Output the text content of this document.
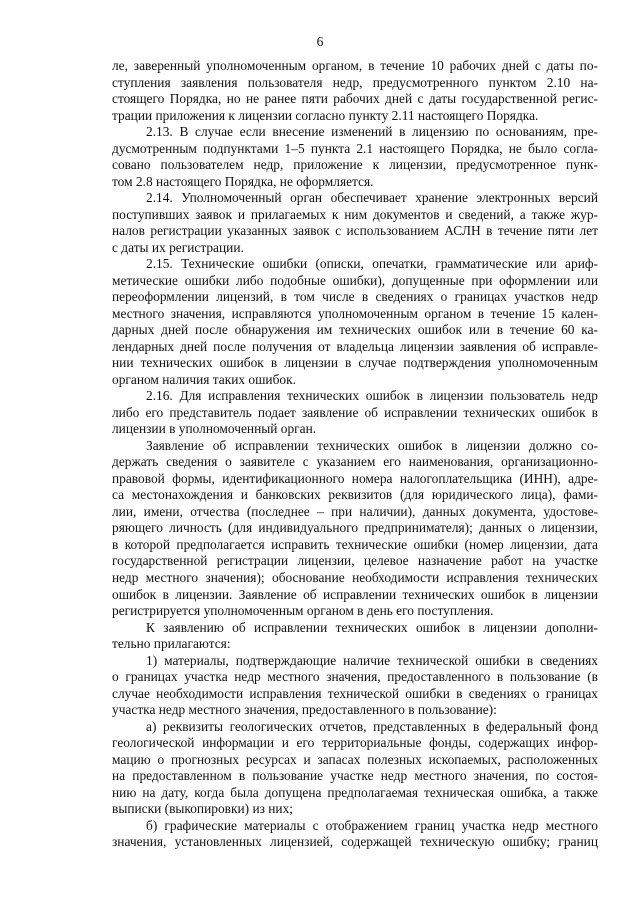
6
ле, заверенный уполномоченным органом, в течение 10 рабочих дней с даты по-
ступления заявления пользователя недр, предусмотренного пунктом 2.10 на-
стоящего Порядка, но не ранее пяти рабочих дней с даты государственной регис-
трации приложения к лицензии согласно пункту 2.11 настоящего Порядка.
2.13. В случае если внесение изменений в лицензию по основаниям, пре-
дусмотренным подпунктами 1–5 пункта 2.1 настоящего Порядка, не было согла-
совано пользователем недр, приложение к лицензии, предусмотренное пунк-
том 2.8 настоящего Порядка, не оформляется.
2.14. Уполномоченный орган обеспечивает хранение электронных версий
поступивших заявок и прилагаемых к ним документов и сведений, а также жур-
налов регистрации указанных заявок с использованием АСЛН в течение пяти лет
с даты их регистрации.
2.15. Технические ошибки (описки, опечатки, грамматические или ариф-
метические ошибки либо подобные ошибки), допущенные при оформлении или
переоформлении лицензий, в том числе в сведениях о границах участков недр
местного значения, исправляются уполномоченным органом в течение 15 кален-
дарных дней после обнаружения им технических ошибок или в течение 60 ка-
лендарных дней после получения от владельца лицензии заявления об исправле-
нии технических ошибок в лицензии в случае подтверждения уполномоченным
органом наличия таких ошибок.
2.16. Для исправления технических ошибок в лицензии пользователь недр
либо его представитель подает заявление об исправлении технических ошибок в
лицензии в уполномоченный орган.
Заявление об исправлении технических ошибок в лицензии должно со-
держать сведения о заявителе с указанием его наименования, организационно-
правовой формы, идентификационного номера налогоплательщика (ИНН), адре-
са местонахождения и банковских реквизитов (для юридического лица), фами-
лии, имени, отчества (последнее – при наличии), данных документа, удостове-
ряющего личность (для индивидуального предпринимателя); данных о лицензии,
в которой предполагается исправить технические ошибки (номер лицензии, дата
государственной регистрации лицензии, целевое назначение работ на участке
недр местного значения); обоснование необходимости исправления технических
ошибок в лицензии. Заявление об исправлении технических ошибок в лицензии
регистрируется уполномоченным органом в день его поступления.
К заявлению об исправлении технических ошибок в лицензии дополни-
тельно прилагаются:
1) материалы, подтверждающие наличие технической ошибки в сведениях
о границах участка недр местного значения, предоставленного в пользование (в
случае необходимости исправления технической ошибки в сведениях о границах
участка недр местного значения, предоставленного в пользование):
а) реквизиты геологических отчетов, представленных в федеральный фонд
геологической информации и его территориальные фонды, содержащих инфор-
мацию о прогнозных ресурсах и запасах полезных ископаемых, расположенных
на предоставленном в пользование участке недр местного значения, по состоя-
нию на дату, когда была допущена предполагаемая техническая ошибка, а также
выписки (выкопировки) из них;
б) графические материалы с отображением границ участка недр местного
значения, установленных лицензией, содержащей техническую ошибку; границ
